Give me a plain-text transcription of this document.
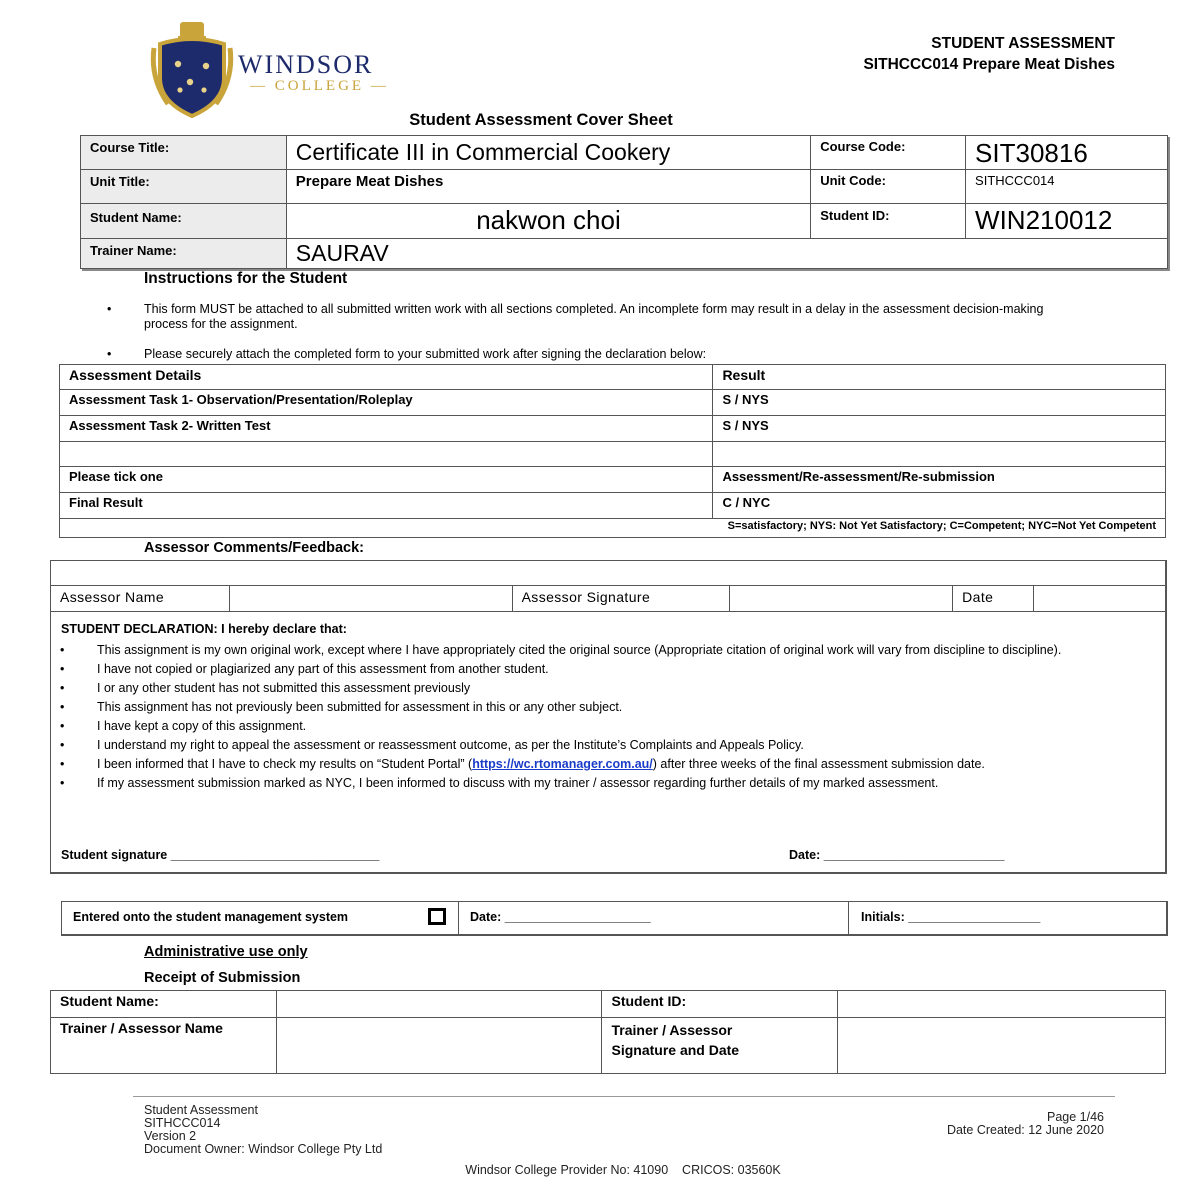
WINDSOR
— COLLEGE —
STUDENT ASSESSMENT
SITHCCC014 Prepare Meat Dishes
Student Assessment Cover Sheet
Course Title:	Certificate III in Commercial Cookery	Course Code:	SIT30816
Unit Title:	Prepare Meat Dishes	Unit Code:	SITHCCC014
Student Name:	nakwon choi	Student ID:	WIN210012
Trainer Name:	SAURAV		
Instructions for the Student
• This form MUST be attached to all submitted written work with all sections completed. An incomplete form may result in a delay in the assessment decision-making process for the assignment.
• Please securely attach the completed form to your submitted work after signing the declaration below:
Assessment Details	Result
Assessment Task 1- Observation/Presentation/Roleplay	S / NYS
Assessment Task 2- Written Test	S / NYS

Please tick one	Assessment/Re-assessment/Re-submission
Final Result	C / NYC
S=satisfactory; NYS: Not Yet Satisfactory; C=Competent; NYC=Not Yet Competent	
Assessor Comments/Feedback:
Assessor Name		Assessor Signature		Date	
STUDENT DECLARATION: I hereby declare that:
• This assignment is my own original work, except where I have appropriately cited the original source (Appropriate citation of original work will vary from discipline to discipline).
• I have not copied or plagiarized any part of this assessment from another student.
• I or any other student has not submitted this assessment previously
• This assignment has not previously been submitted for assessment in this or any other subject.
• I have kept a copy of this assignment.
• I understand my right to appeal the assessment or reassessment outcome, as per the Institute’s Complaints and Appeals Policy.
• I been informed that I have to check my results on “Student Portal” (https://wc.rtomanager.com.au/) after three weeks of the final assessment submission date.
• If my assessment submission marked as NYC, I been informed to discuss with my trainer / assessor regarding further details of my marked assessment.
Student signature ______________________________	Date: __________________________
Entered onto the student management system	Date: _____________________	Initials: ___________________
Administrative use only
Receipt of Submission
Student Name:		Student ID:	
Trainer / Assessor Name		Trainer / Assessor
Signature and Date	

Student Assessment
SITHCCC014
Version 2
Document Owner: Windsor College Pty Ltd
Page 1/46
Date Created: 12 June 2020
Windsor College Provider No: 41090    CRICOS: 03560K
